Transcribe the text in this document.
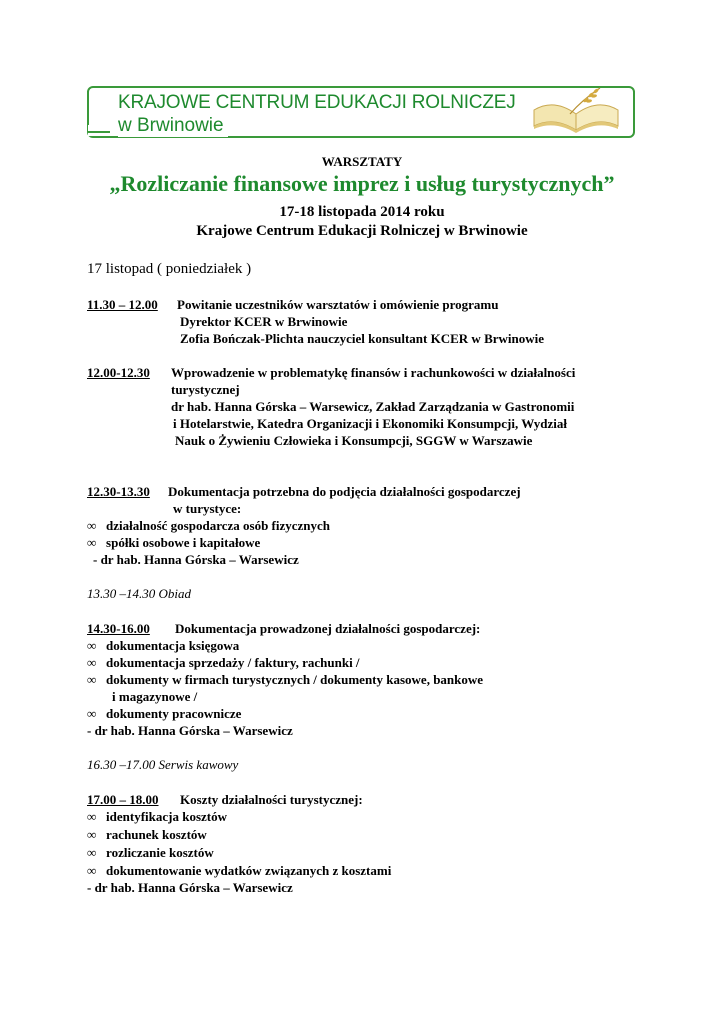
KRAJOWE CENTRUM EDUKACJI ROLNICZEJ
w Brwinowie
WARSZTATY
„Rozliczanie finansowe imprez i usług turystycznych”
17-18 listopada 2014 roku
Krajowe Centrum Edukacji Rolniczej w Brwinowie
17 listopad ( poniedziałek )
11.30 – 12.00 Powitanie uczestników warsztatów i omówienie programu
Dyrektor KCER w Brwinowie
Zofia Bończak-Plichta nauczyciel konsultant KCER w Brwinowie
12.00-12.30 Wprowadzenie w problematykę finansów i rachunkowości w działalności
turystycznej
dr hab. Hanna Górska – Warsewicz, Zakład Zarządzania w Gastronomii
i Hotelarstwie, Katedra Organizacji i Ekonomiki Konsumpcji, Wydział
Nauk o Żywieniu Człowieka i Konsumpcji, SGGW w Warszawie
12.30-13.30 Dokumentacja potrzebna do podjęcia działalności gospodarczej
w turystyce:
∞ działalność gospodarcza osób fizycznych
∞ spółki osobowe i kapitałowe
- dr hab. Hanna Górska – Warsewicz
13.30 –14.30 Obiad
14.30-16.00 Dokumentacja prowadzonej działalności gospodarczej:
∞ dokumentacja księgowa
∞ dokumentacja sprzedaży / faktury, rachunki /
∞ dokumenty w firmach turystycznych / dokumenty kasowe, bankowe
i magazynowe /
∞ dokumenty pracownicze
- dr hab. Hanna Górska – Warsewicz
16.30 –17.00 Serwis kawowy
17.00 – 18.00 Koszty działalności turystycznej:
∞ identyfikacja kosztów
∞ rachunek kosztów
∞ rozliczanie kosztów
∞ dokumentowanie wydatków związanych z kosztami
- dr hab. Hanna Górska – Warsewicz
